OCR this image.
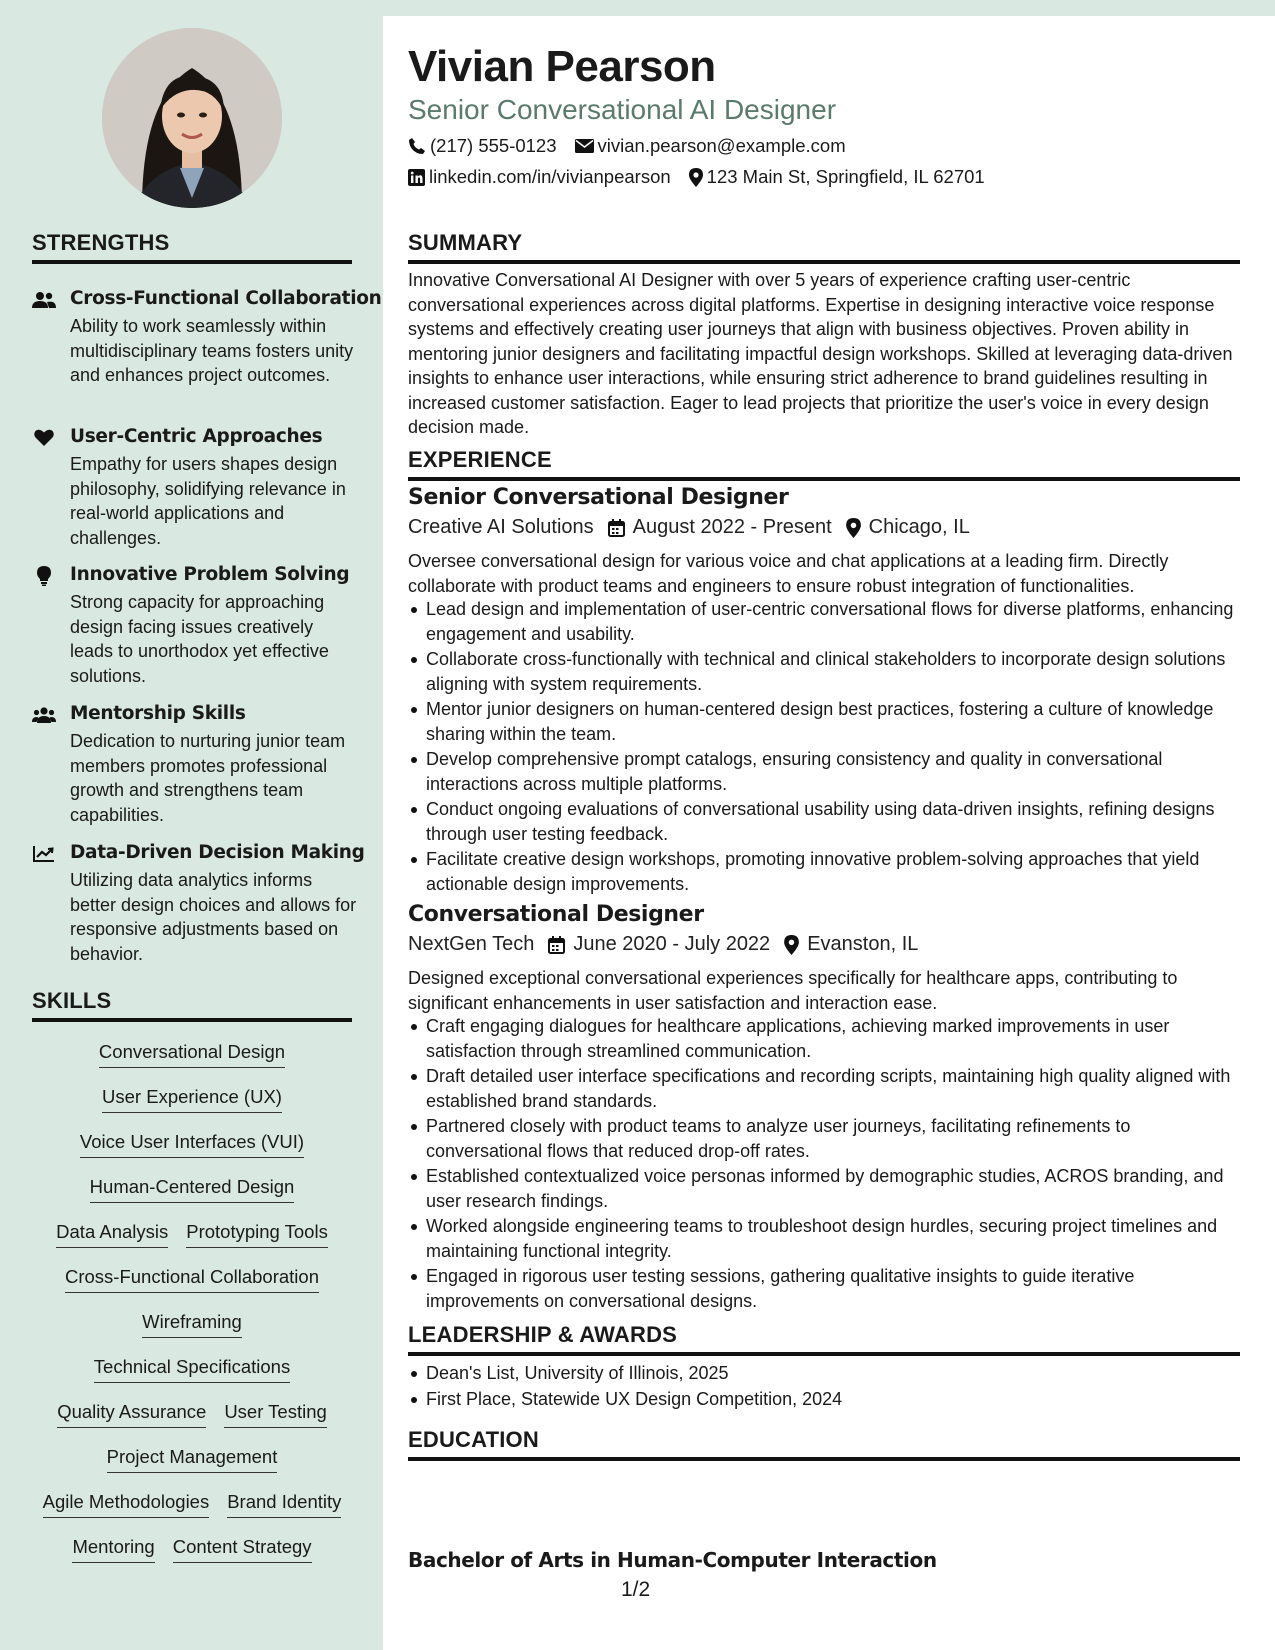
STRENGTHS
Cross-Functional Collaboration
Ability to work seamlessly within multidisciplinary teams fosters unity and enhances project outcomes.
User-Centric Approaches
Empathy for users shapes design philosophy, solidifying relevance in real-world applications and challenges.
Innovative Problem Solving
Strong capacity for approaching design facing issues creatively leads to unorthodox yet effective solutions.
Mentorship Skills
Dedication to nurturing junior team members promotes professional growth and strengthens team capabilities.
Data-Driven Decision Making
Utilizing data analytics informs better design choices and allows for responsive adjustments based on behavior.
SKILLS
Conversational Design
User Experience (UX)
Voice User Interfaces (VUI)
Human-Centered Design
Data Analysis Prototyping Tools
Cross-Functional Collaboration
Wireframing
Technical Specifications
Quality Assurance User Testing
Project Management
Agile Methodologies Brand Identity
Mentoring Content Strategy
Vivian Pearson
Senior Conversational AI Designer
(217) 555-0123 vivian.pearson@example.com
linkedin.com/in/vivianpearson 123 Main St, Springfield, IL 62701
SUMMARY
Innovative Conversational AI Designer with over 5 years of experience crafting user-centric conversational experiences across digital platforms. Expertise in designing interactive voice response systems and effectively creating user journeys that align with business objectives. Proven ability in mentoring junior designers and facilitating impactful design workshops. Skilled at leveraging data-driven insights to enhance user interactions, while ensuring strict adherence to brand guidelines resulting in increased customer satisfaction. Eager to lead projects that prioritize the user's voice in every design decision made.
EXPERIENCE
Senior Conversational Designer
Creative AI Solutions August 2022 - Present Chicago, IL
Oversee conversational design for various voice and chat applications at a leading firm. Directly collaborate with product teams and engineers to ensure robust integration of functionalities.
Lead design and implementation of user-centric conversational flows for diverse platforms, enhancing engagement and usability.
Collaborate cross-functionally with technical and clinical stakeholders to incorporate design solutions aligning with system requirements.
Mentor junior designers on human-centered design best practices, fostering a culture of knowledge sharing within the team.
Develop comprehensive prompt catalogs, ensuring consistency and quality in conversational interactions across multiple platforms.
Conduct ongoing evaluations of conversational usability using data-driven insights, refining designs through user testing feedback.
Facilitate creative design workshops, promoting innovative problem-solving approaches that yield actionable design improvements.
Conversational Designer
NextGen Tech June 2020 - July 2022 Evanston, IL
Designed exceptional conversational experiences specifically for healthcare apps, contributing to significant enhancements in user satisfaction and interaction ease.
Craft engaging dialogues for healthcare applications, achieving marked improvements in user satisfaction through streamlined communication.
Draft detailed user interface specifications and recording scripts, maintaining high quality aligned with established brand standards.
Partnered closely with product teams to analyze user journeys, facilitating refinements to conversational flows that reduced drop-off rates.
Established contextualized voice personas informed by demographic studies, ACROS branding, and user research findings.
Worked alongside engineering teams to troubleshoot design hurdles, securing project timelines and maintaining functional integrity.
Engaged in rigorous user testing sessions, gathering qualitative insights to guide iterative improvements on conversational designs.
LEADERSHIP & AWARDS
Dean's List, University of Illinois, 2025
First Place, Statewide UX Design Competition, 2024
EDUCATION
Bachelor of Arts in Human-Computer Interaction
1/2
